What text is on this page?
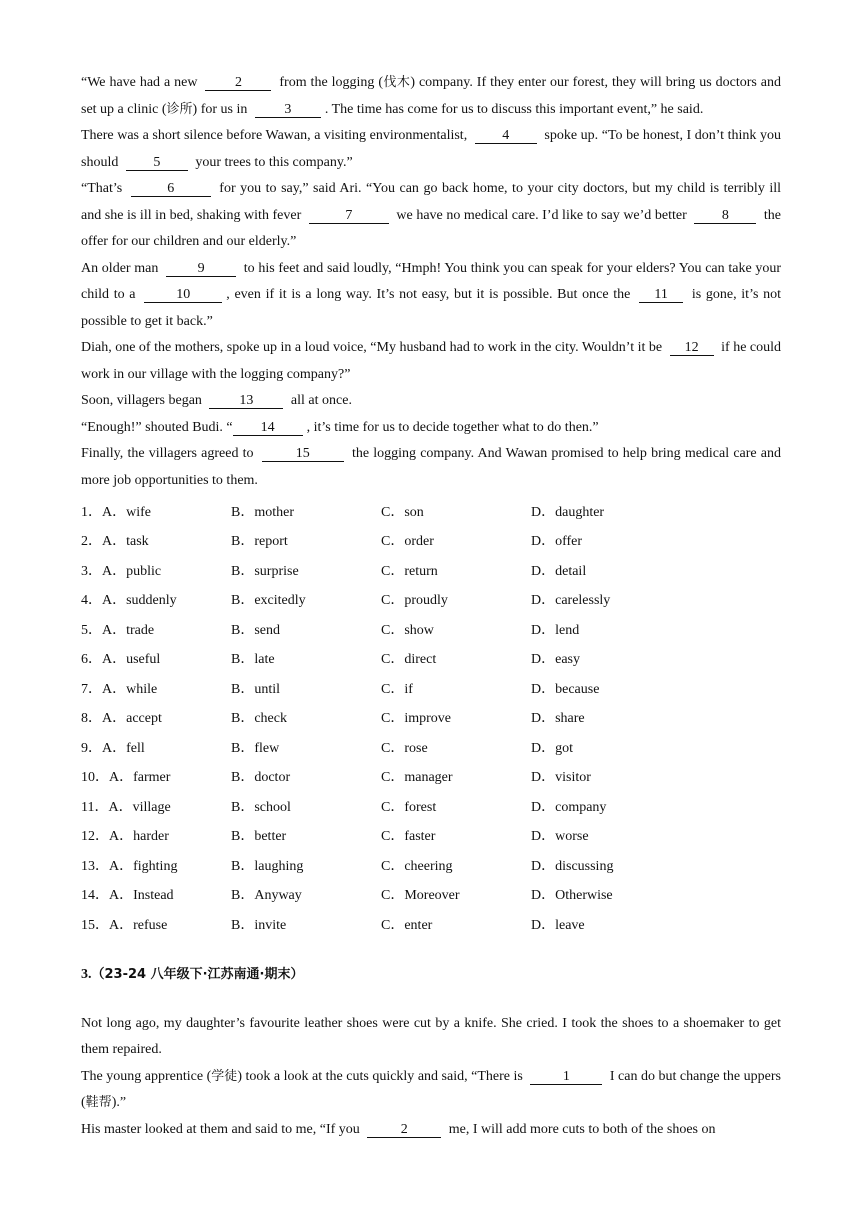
“We have had a new	2	from the logging (伐木) company. If they enter our forest, they will bring us doctors and set up a clinic (诊所) for us in	3 . The time has come for us to discuss this important event,” he said.

There was a short silence before Wawan, a visiting environmentalist,	4	spoke up. “To be honest, I don’t think you should	5	your trees to this company.”

“That’s	6	for you to say,” said Ari. “You can go back home, to your city doctors, but my child is terribly ill and she is ill in bed, shaking with fever	7	we have no medical care. I’d like to say we’d better	8	the offer for our children and our elderly.”

An older man	9	to his feet and said loudly, “Hmph! You think you can speak for your elders? You can take your child to a	10	, even if it is a long way. It’s not easy, but it is possible. But once the 11 is gone, it’s not possible to get it back.”

Diah, one of the mothers, spoke up in a loud voice, “My husband had to work in the city. Wouldn’t it be 12 if he could work in our village with the logging company?”

Soon, villagers began	13	all at once.

“Enough!” shouted Budi. “ 14 , it’s time for us to decide together what to do then.”

Finally, the villagers agreed to	15	the logging company. And Wawan promised to help bring medical care and more job opportunities to them.

1．A．wife	B．mother	C．son	D．daughter
2．A．task	B．report	C．order	D．offer
3．A．public	B．surprise	C．return	D．detail
4．A．suddenly	B．excitedly	C．proudly	D．carelessly
5．A．trade	B．send	C．show	D．lend
6．A．useful	B．late	C．direct	D．easy
7．A．while	B．until	C．if	D．because
8．A．accept	B．check	C．improve	D．share
9．A．fell	B．flew	C．rose	D．got
10．A．farmer	B．doctor	C．manager	D．visitor
11．A．village	B．school	C．forest	D．company
12．A．harder	B．better	C．faster	D．worse
13．A．fighting	B．laughing	C．cheering	D．discussing
14．A．Instead	B．Anyway	C．Moreover	D．Otherwise
15．A．refuse	B．invite	C．enter	D．leave
3.（23-24 八年级下·江苏南通·期末）

Not long ago, my daughter’s favourite leather shoes were cut by a knife. She cried. I took the shoes to a shoemaker to get them repaired.

The young apprentice (学徒) took a look at the cuts quickly and said, “There is	1	I can do but change the uppers (鞋帮).”

His master looked at them and said to me, “If you	2	me, I will add more cuts to both of the shoes on
